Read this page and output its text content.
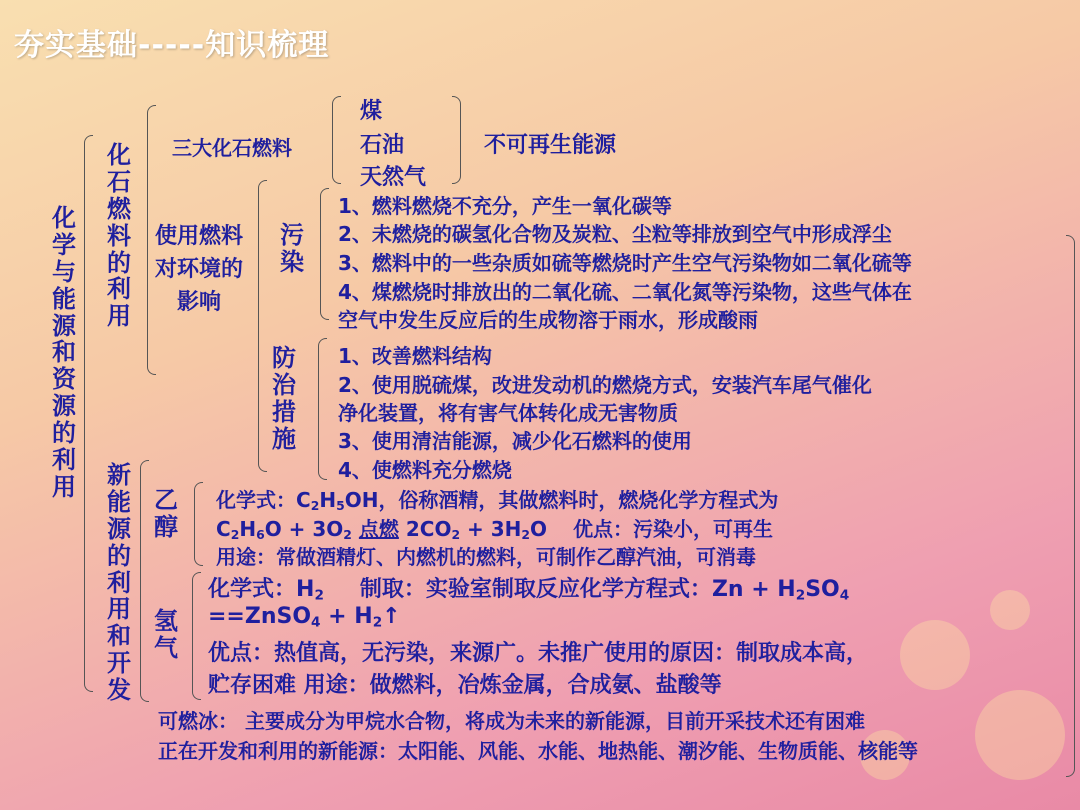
夯实基础-----知识梳理
化学与能源和资源的利用
化石燃料的利用
三大化石燃料
煤
石油
天然气
不可再生能源
使用燃料对环境的影响
污染
1、燃料燃烧不充分，产生一氧化碳等
2、未燃烧的碳氢化合物及炭粒、尘粒等排放到空气中形成浮尘
3、燃料中的一些杂质如硫等燃烧时产生空气污染物如二氧化硫等
4、煤燃烧时排放出的二氧化硫、二氧化氮等污染物，这些气体在
空气中发生反应后的生成物溶于雨水，形成酸雨
防治措施
1、改善燃料结构
2、使用脱硫煤，改进发动机的燃烧方式，安装汽车尾气催化
净化装置，将有害气体转化成无害物质
3、使用清洁能源，减少化石燃料的使用
4、使燃料充分燃烧
新能源的利用和开发
乙醇
化学式：$C_2H_5OH$，俗称酒精，其做燃料时，燃烧化学方程式为
$C_2H_6O + 3O_2$ 点燃 $2CO_2 + 3H_2O$ 优点：污染小，可再生
用途：常做酒精灯、内燃机的燃料，可制作乙醇汽油，可消毒
氢气
化学式：$H_2$ 制取：实验室制取反应化学方程式：$Zn + H_2SO_4$
==ZnSO$_4$ + $H_2↑$
优点：热值高，无污染，来源广。未推广使用的原因：制取成本高，
贮存困难 用途：做燃料，冶炼金属，合成氨、盐酸等
可燃冰： 主要成分为甲烷水合物，将成为未来的新能源，目前开采技术还有困难
正在开发和利用的新能源：太阳能、风能、水能、地热能、潮汐能、生物质能、核能等
